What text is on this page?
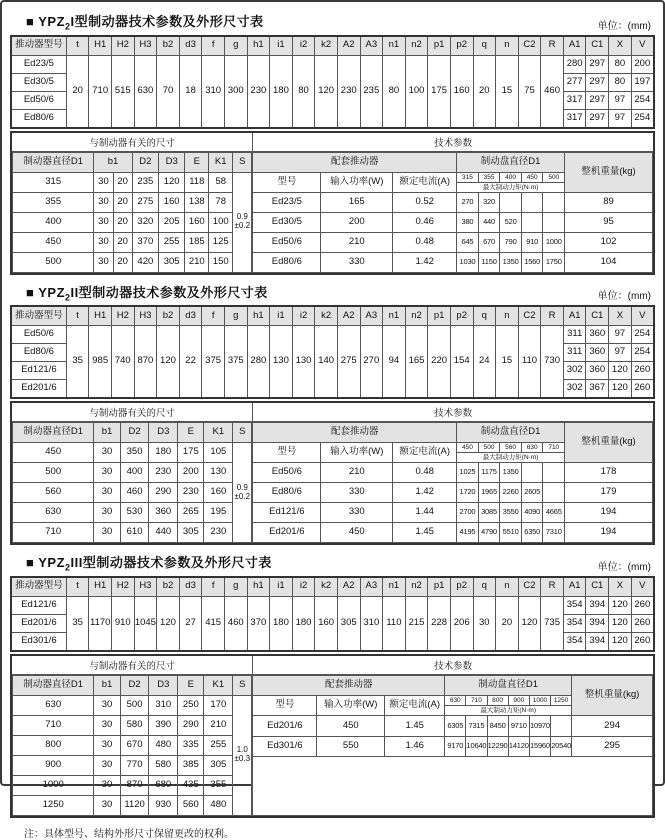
■ $YPZ_2I$型制动器技术参数及外形尺寸表	单位：(mm)
推动器型号	t	H1	H2	H3	b2	d3	f	g	h1	i1	i2	k2	A2	A3	n1	n2	p1	p2	q	n	C2	R	A1	C1	X	V
Ed23/5	20	710	515	630	70	18	310	300	230	180	80	120	230	235	80	100	175	160	20	15	75	460	280	297	80	200
Ed30/5																							277	297	80	197
Ed50/6																							317	297	97	254
Ed80/6																							317	297	97	254
与制动器有关的尺寸	技术参数
制动器直径D1	b1		D2	D3	E	K1	S
315	30	20	235	120	118	58	0.9
±0.2

355	30	20	275	160	138	78	
400	30	20	320	205	160	100	
450	30	20	370	255	185	125	
500	30	20	420	305	210	150	
配套推动器			制动盘直径D1					整机重量(kg)
型号	输入功率(W)	额定电流(A)	315	355	400	450	500
最大制动力矩(N·m)

Ed23/5	165	0.52	270	320				89
Ed30/5	200	0.46	380	440	520			95
Ed50/6	210	0.48	645	670	790	910	1000	102
Ed80/6	330	1.42	1030	1150	1350	1560	1750	104
■ $YPZ_2II$型制动器技术参数及外形尺寸表	单位：(mm)
推动器型号	t	H1	H2	H3	b2	d3	f	g	h1	i1	i2	k2	A2	A3	n1	n2	p1	p2	q	n	C2	R	A1	C1	X	V
Ed50/6	35	985	740	870	120	22	375	375	280	130	130	140	275	270	94	165	220	154	24	15	110	730	311	360	97	254
Ed80/6																							311	360	97	254
Ed121/6																							302	360	120	260
Ed201/6																							302	367	120	260
与制动器有关的尺寸	技术参数
制动器直径D1	b1	D2	D3	E	K1	S
450	30	350	180	175	105	0.9
±0.2

500	30	400	230	200	130	
560	30	460	290	230	160	
630	30	530	360	265	195	
710	30	610	440	305	230	
配套推动器			制动盘直径D1					整机重量(kg)
型号	输入功率(W)	额定电流(A)	450	500	560	630	710
最大制动力矩(N·m)

Ed50/6	210	0.48	1025	1175	1350			178
Ed80/6	330	1.42	1720	1965	2260	2605		179
Ed121/6	330	1.44	2700	3085	3550	4090	4665	194
Ed201/6	450	1.45	4195	4790	5510	6350	7310	194
■ $YPZ_2III$型制动器技术参数及外形尺寸表	单位：(mm)
推动器型号	t	H1	H2	H3	b2	d3	f	g	h1	i1	i2	k2	A2	A3	n1	n2	p1	p2	q	n	C2	R	A1	C1	X	V
Ed121/6	35	1170	910	1045	120	27	415	460	370	180	180	160	305	310	110	215	228	206	30	20	120	735	354	394	120	260
Ed201/6																							354	394	120	260
Ed301/6																							354	394	120	260
与制动器有关的尺寸	技术参数
制动器直径D1	b1	D2	D3	E	K1	S
630	30	500	310	250	170	1.0
±0.3

710	30	580	390	290	210	
800	30	670	480	335	255	
900	30	770	580	385	305	
1000	30	870	680	435	355	
1250	30	1120	930	560	480	
配套推动器			制动盘直径D1						整机重量(kg)
型号	输入功率(W)	额定电流(A)	630	710	800	900	1000	1250
最大制动力矩(N·m)

Ed201/6	450	1.45	6305	7315	8450	9710	10970		294
Ed301/6	550	1.46	9170	10640	12290	14120	15960	20540	295

注：具体型号、结构外形尺寸保留更改的权利。
